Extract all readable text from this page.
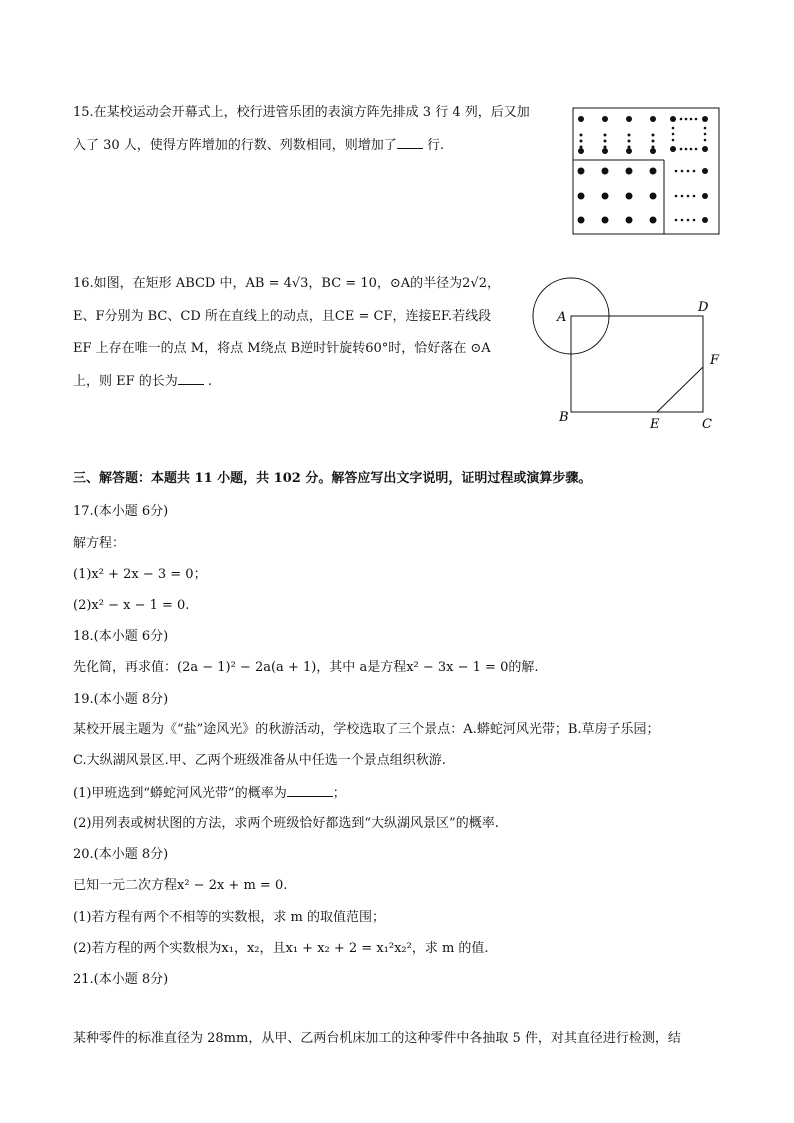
15.在某校运动会开幕式上，校行进管乐团的表演方阵先排成 3 行 4 列，后又加
入了 30 人，使得方阵增加的行数、列数相同，则增加了 行.
16.如图，在矩形 ABCD 中，AB = 4√3，BC = 10，⊙A的半径为2√2，
E、F分别为 BC、CD 所在直线上的动点，且CE = CF，连接EF.若线段
EF 上存在唯一的点 M，将点 M绕点 B逆时针旋转60°时，恰好落在 ⊙A
上，则 EF 的长为 .
A
D
F
B	E	C
三、解答题：本题共 11 小题，共 102 分。解答应写出文字说明，证明过程或演算步骤。
17.(本小题 6分)
解方程：
(1)x² + 2x − 3 = 0；
(2)x² − x − 1 = 0.
18.(本小题 6分)
先化简，再求值：(2a − 1)² − 2a(a + 1)，其中 a是方程x² − 3x − 1 = 0的解.
19.(本小题 8分)
某校开展主题为《“盐”途风光》的秋游活动，学校选取了三个景点：A.蟒蛇河风光带；B.草房子乐园；
C.大纵湖风景区.甲、乙两个班级准备从中任选一个景点组织秋游.
(1)甲班选到“蟒蛇河风光带”的概率为	；
(2)用列表或树状图的方法，求两个班级恰好都选到“大纵湖风景区”的概率.
20.(本小题 8分)
已知一元二次方程x² − 2x + m = 0.
(1)若方程有两个不相等的实数根，求 m 的取值范围；
(2)若方程的两个实数根为x₁，x₂，且x₁ + x₂ + 2 = x₁²x₂²，求 m 的值.
21.(本小题 8分)
某种零件的标准直径为 28mm，从甲、乙两台机床加工的这种零件中各抽取 5 件，对其直径进行检测，结
